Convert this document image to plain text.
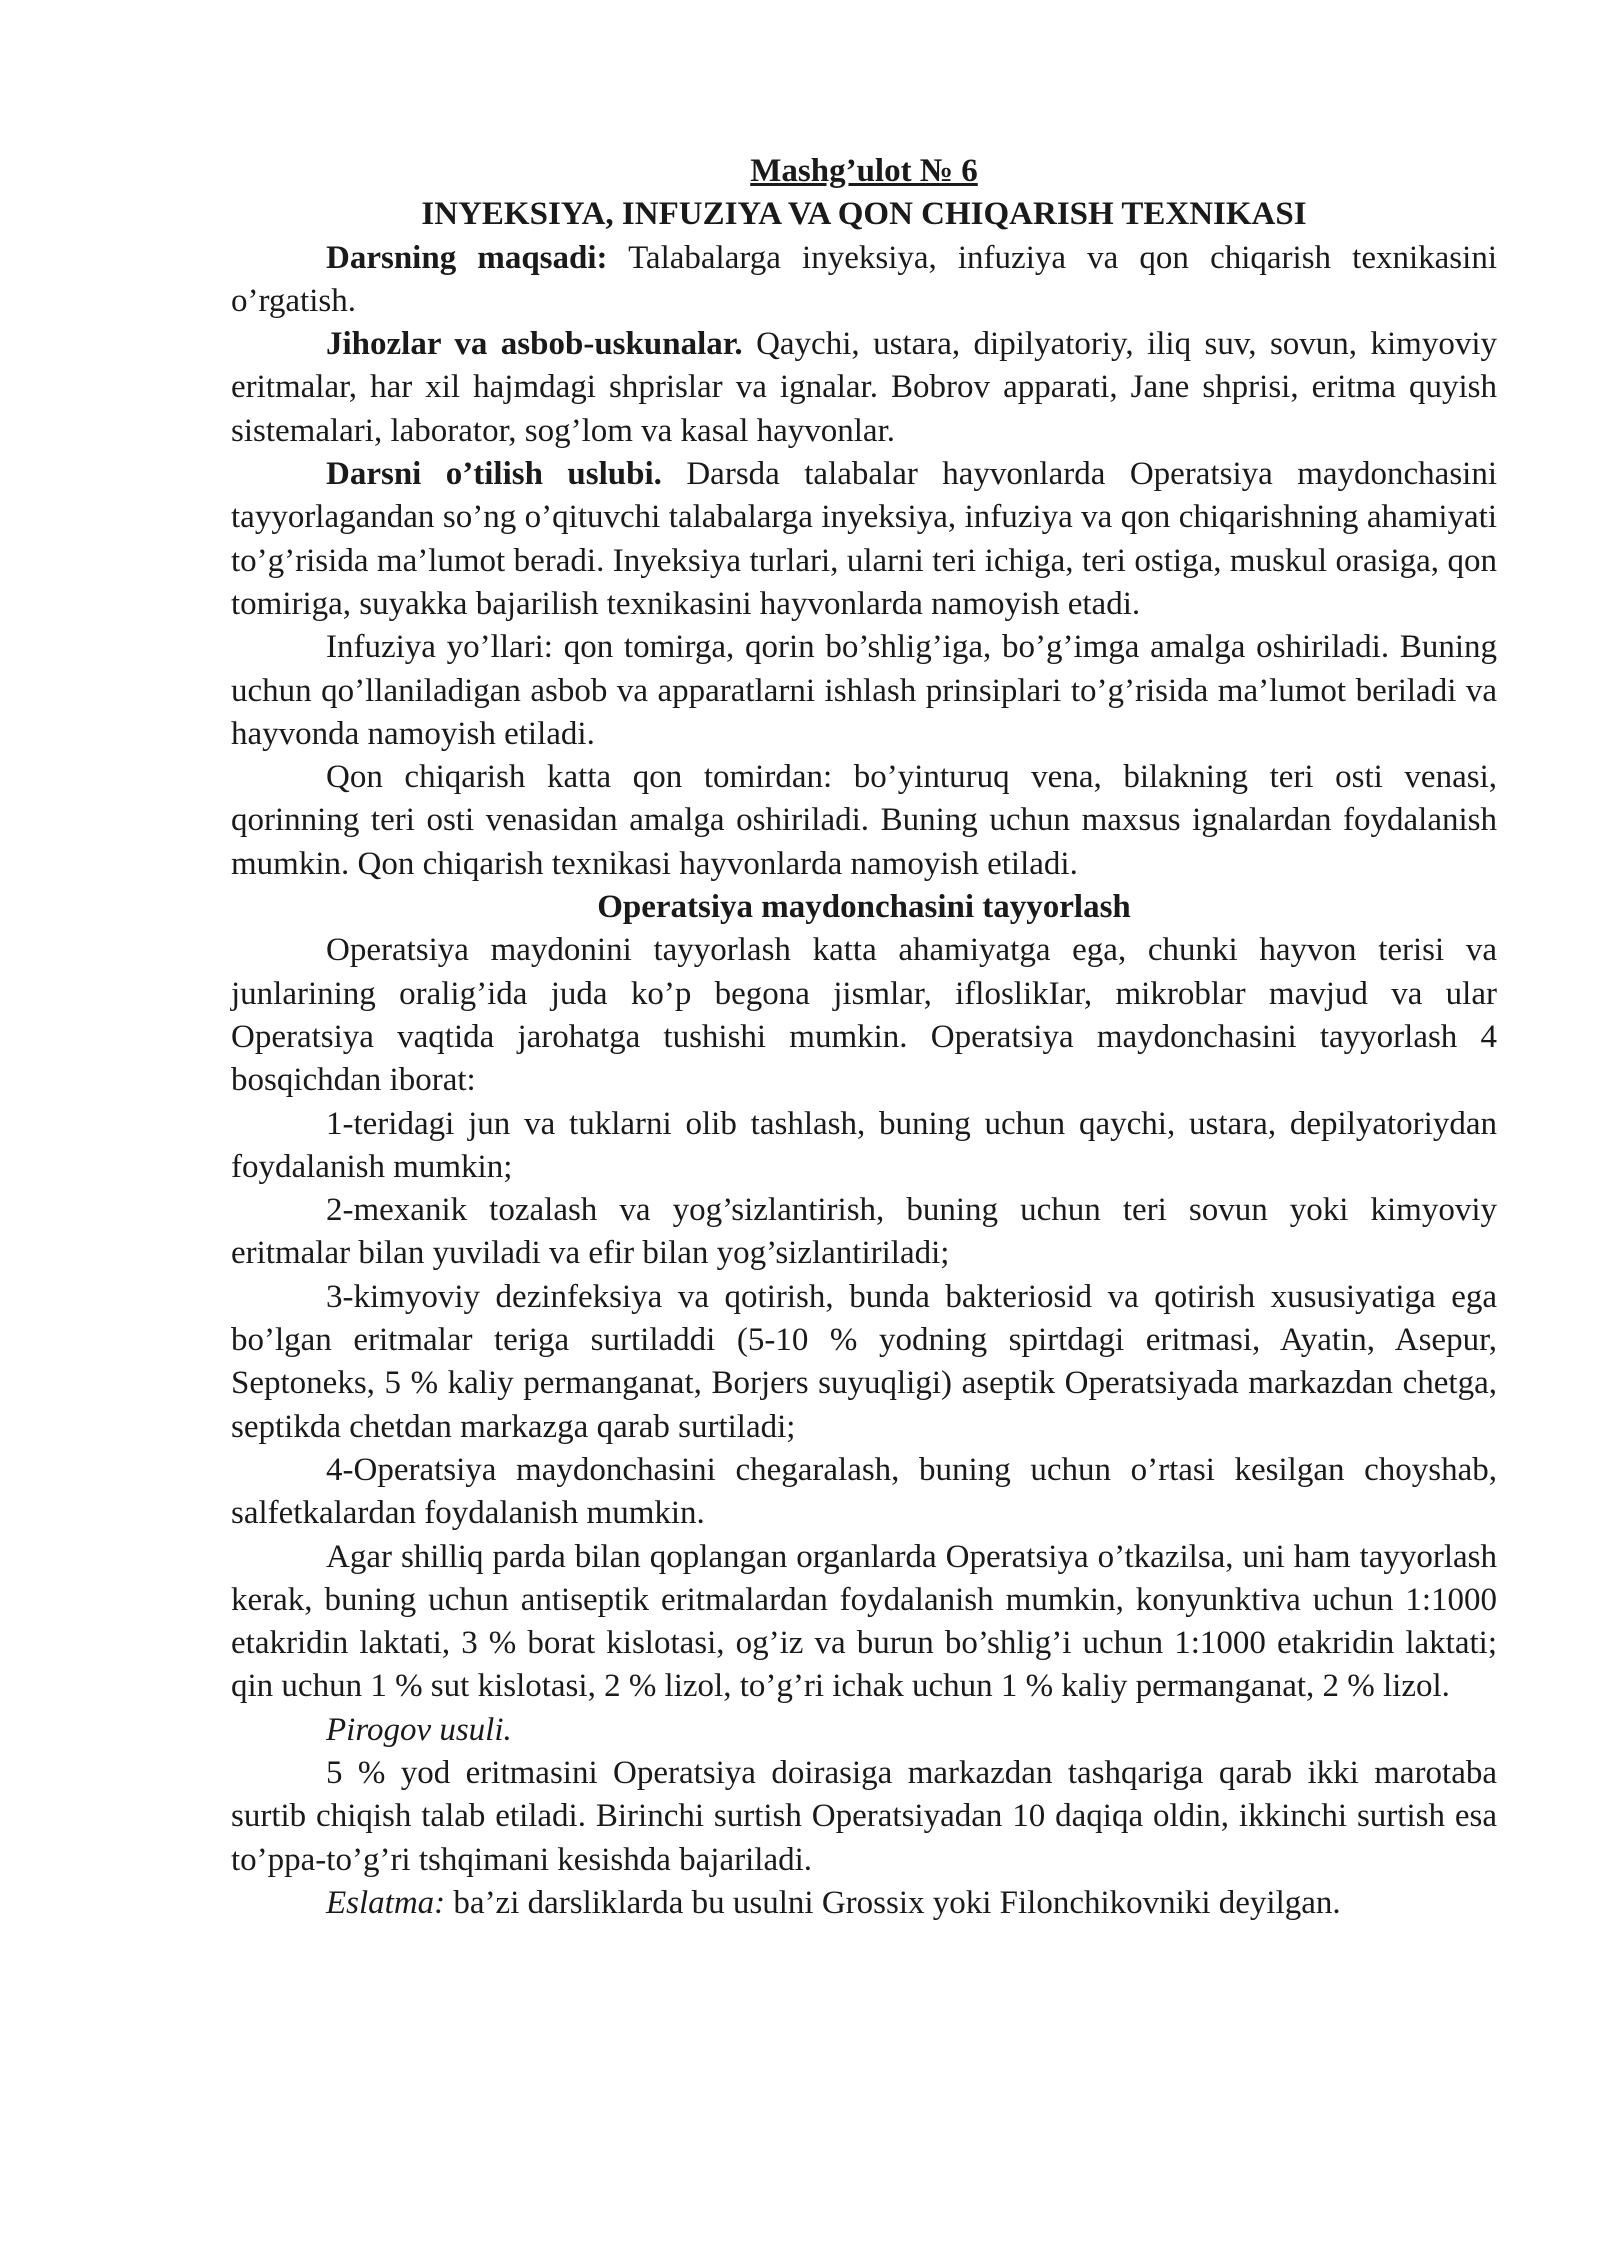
Mashg’ulot № 6

INYEKSIYA, INFUZIYA VA QON CHIQARISH TEXNIKASI

Darsning maqsadi: Talabalarga inyeksiya, infuziya va qon chiqarish texnikasini o’rgatish.

Jihozlar va asbob-uskunalar. Qaychi, ustara, dipilyatoriy, iliq suv, sovun, kimyoviy eritmalar, har xil hajmdagi shprislar va ignalar. Bobrov apparati, Jane shprisi, eritma quyish sistemalari, laborator, sog’lom va kasal hayvonlar.

Darsni o’tilish uslubi. Darsda talabalar hayvonlarda Operatsiya maydonchasini tayyorlagandan so’ng o’qituvchi talabalarga inyeksiya, infuziya va qon chiqarishning ahamiyati to’g’risida ma’lumot beradi. Inyeksiya turlari, ularni teri ichiga, teri ostiga, muskul orasiga, qon tomiriga, suyakka bajarilish texnikasini hayvonlarda namoyish etadi.

Infuziya yo’llari: qon tomirga, qorin bo’shlig’iga, bo’g’imga amalga oshiriladi. Buning uchun qo’llaniladigan asbob va apparatlarni ishlash prinsiplari to’g’risida ma’lumot beriladi va hayvonda namoyish etiladi.

Qon chiqarish katta qon tomirdan: bo’yinturuq vena, bilakning teri osti venasi, qorinning teri osti venasidan amalga oshiriladi. Buning uchun maxsus ignalardan foydalanish mumkin. Qon chiqarish texnikasi hayvonlarda namoyish etiladi.

Operatsiya maydonchasini tayyorlash

Operatsiya maydonini tayyorlash katta ahamiyatga ega, chunki hayvon terisi va junlarining oralig’ida juda ko’p begona jismlar, ifloslikIar, mikroblar mavjud va ular Operatsiya vaqtida jarohatga tushishi mumkin. Operatsiya maydonchasini tayyorlash 4 bosqichdan iborat:

1-teridagi jun va tuklarni olib tashlash, buning uchun qaychi, ustara, depilyatoriydan foydalanish mumkin;

2-mexanik tozalash va yog’sizlantirish, buning uchun teri sovun yoki kimyoviy eritmalar bilan yuviladi va efir bilan yog’sizlantiriladi;

3-kimyoviy dezinfeksiya va qotirish, bunda bakteriosid va qotirish xususiyatiga ega bo’lgan eritmalar teriga surtiladdi (5-10 % yodning spirtdagi eritmasi, Ayatin, Asepur, Septoneks, 5 % kaliy permanganat, Borjers suyuqligi) aseptik Operatsiyada markazdan chetga, septikda chetdan markazga qarab surtiladi;

4-Operatsiya maydonchasini chegaralash, buning uchun o’rtasi kesilgan choyshab, salfetkalardan foydalanish mumkin.

Agar shilliq parda bilan qoplangan organlarda Operatsiya o’tkazilsa, uni ham tayyorlash kerak, buning uchun antiseptik eritmalardan foydalanish mumkin, konyunktiva uchun 1:1000 etakridin laktati, 3 % borat kislotasi, og’iz va burun bo’shlig’i uchun 1:1000 etakridin laktati; qin uchun 1 % sut kislotasi, 2 % lizol, to’g’ri ichak uchun 1 % kaliy permanganat, 2 % lizol.

Pirogov usuli.

5 % yod eritmasini Operatsiya doirasiga markazdan tashqariga qarab ikki marotaba surtib chiqish talab etiladi. Birinchi surtish Operatsiyadan 10 daqiqa oldin, ikkinchi surtish esa to’ppa-to’g’ri tshqimani kesishda bajariladi.

Eslatma: ba’zi darsliklarda bu usulni Grossix yoki Filonchikovniki deyilgan.
